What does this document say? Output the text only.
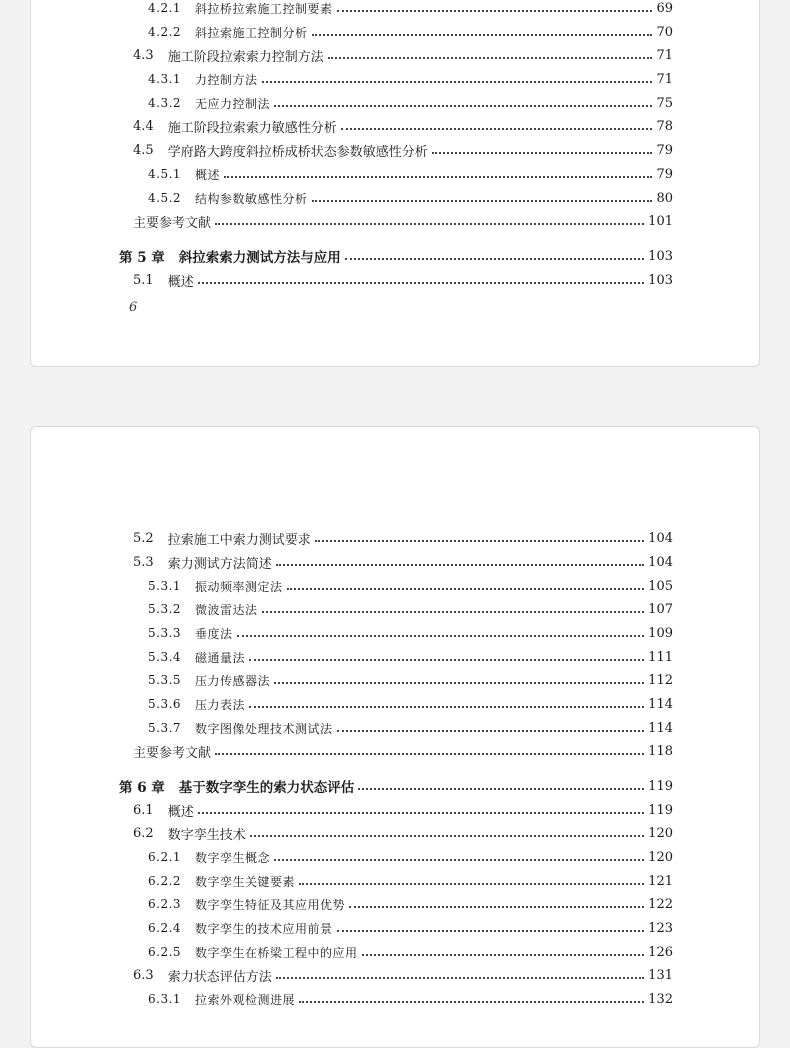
4.2.1 斜拉桥拉索施工控制要素	69
4.2.2 斜拉索施工控制分析	70
4.3 施工阶段拉索索力控制方法	71
4.3.1 力控制方法	71
4.3.2 无应力控制法	75
4.4 施工阶段拉索索力敏感性分析	78
4.5 学府路大跨度斜拉桥成桥状态参数敏感性分析	79
4.5.1 概述	79
4.5.2 结构参数敏感性分析	80
主要参考文献	101
第 5 章 斜拉索索力测试方法与应用	103
5.1 概述	103
6
5.2 拉索施工中索力测试要求	104
5.3 索力测试方法简述	104
5.3.1 振动频率测定法	105
5.3.2 微波雷达法	107
5.3.3 垂度法	109
5.3.4 磁通量法	111
5.3.5 压力传感器法	112
5.3.6 压力表法	114
5.3.7 数字图像处理技术测试法	114
主要参考文献	118
第 6 章 基于数字孪生的索力状态评估	119
6.1 概述	119
6.2 数字孪生技术	120
6.2.1 数字孪生概念	120
6.2.2 数字孪生关键要素	121
6.2.3 数字孪生特征及其应用优势	122
6.2.4 数字孪生的技术应用前景	123
6.2.5 数字孪生在桥梁工程中的应用	126
6.3 索力状态评估方法	131
6.3.1 拉索外观检测进展	132
